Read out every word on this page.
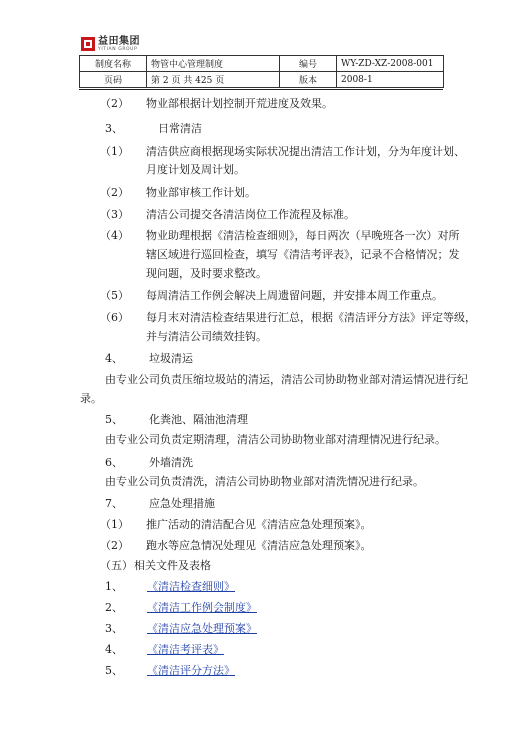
益田集团
YITIAN GROUP
制度名称	物管中心管理制度	编号	WY-ZD-XZ-2008-001
页码	第 2 页 共 425 页	版本	2008-1
（2） 物业部根据计划控制开荒进度及效果。
3、	日常清洁
（1） 清洁供应商根据现场实际状况提出清洁工作计划，分为年度计划、
月度计划及周计划。
（2） 物业部审核工作计划。
（3） 清洁公司提交各清洁岗位工作流程及标准。
（4） 物业助理根据《清洁检查细则》，每日两次（早晚班各一次）对所
辖区域进行巡回检查，填写《清洁考评表》，记录不合格情况；发
现问题，及时要求整改。
（5） 每周清洁工作例会解决上周遗留问题，并安排本周工作重点。
（6） 每月末对清洁检查结果进行汇总，根据《清洁评分方法》评定等级，
并与清洁公司绩效挂钩。
4、 垃圾清运
由专业公司负责压缩垃圾站的清运，清洁公司协助物业部对清运情况进行纪
录。
5、 化粪池、隔油池清理
由专业公司负责定期清理，清洁公司协助物业部对清理情况进行纪录。
6、 外墙清洗
由专业公司负责清洗，清洁公司协助物业部对清洗情况进行纪录。
7、 应急处理措施
（1） 推广活动的清洁配合见《清洁应急处理预案》。
（2） 跑水等应急情况处理见《清洁应急处理预案》。
（五） 相关文件及表格
1、 《清洁检查细则》
2、 《清洁工作例会制度》
3、 《清洁应急处理预案》
4、 《清洁考评表》
5、 《清洁评分方法》
